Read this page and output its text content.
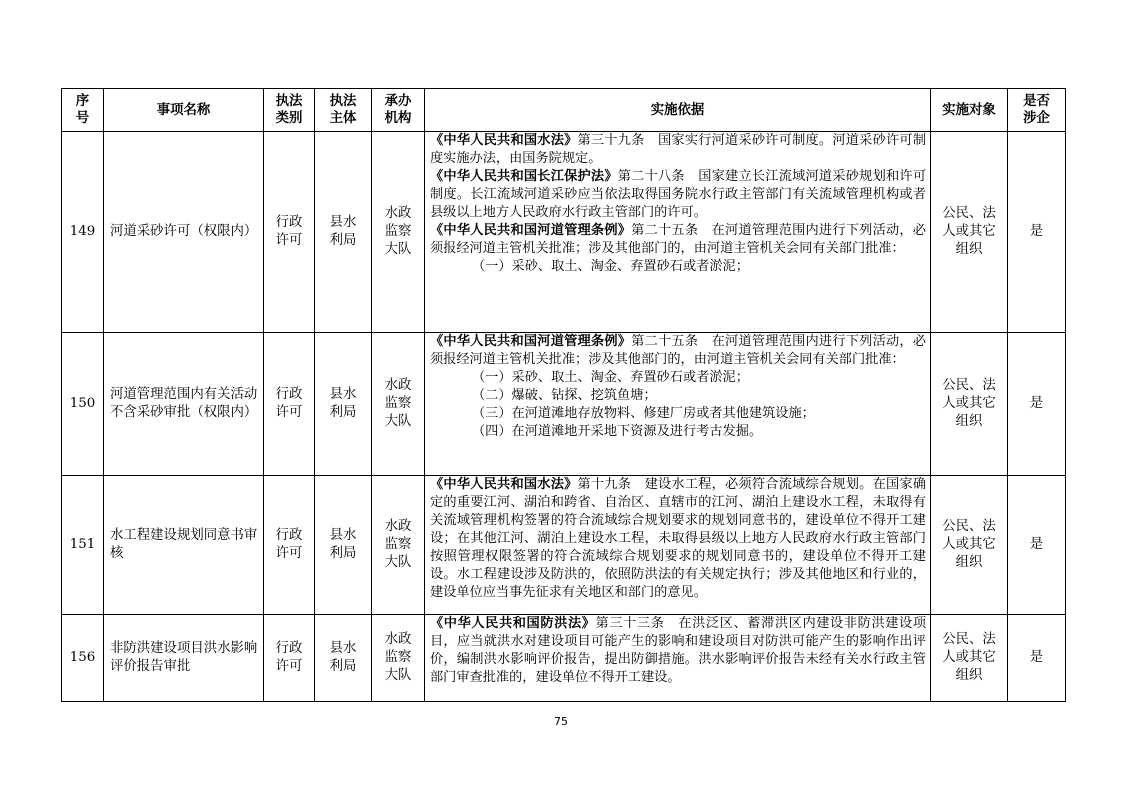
序号	事项名称	执法类别	执法主体	承办机构	实施依据	实施对象	是否涉企
149	河道采砂许可（权限内）	行政许可	县水利局	水政监察大队	《中华人民共和国水法》第三十九条　国家实行河道采砂许可制度。河道采砂许可制度实施办法，由国务院规定。
《中华人民共和国长江保护法》第二十八条　国家建立长江流域河道采砂规划和许可制度。长江流域河道采砂应当依法取得国务院水行政主管部门有关流域管理机构或者县级以上地方人民政府水行政主管部门的许可。
《中华人民共和国河道管理条例》第二十五条　在河道管理范围内进行下列活动，必须报经河道主管机关批准；涉及其他部门的，由河道主管机关会同有关部门批准：
（一）采砂、取土、淘金、弃置砂石或者淤泥；	公民、法人或其它组织	是
150	河道管理范围内有关活动不含采砂审批（权限内）	行政许可	县水利局	水政监察大队	《中华人民共和国河道管理条例》第二十五条　在河道管理范围内进行下列活动，必须报经河道主管机关批准；涉及其他部门的，由河道主管机关会同有关部门批准：
（一）采砂、取土、淘金、弃置砂石或者淤泥；
（二）爆破、钻探、挖筑鱼塘；
（三）在河道滩地存放物料、修建厂房或者其他建筑设施；
（四）在河道滩地开采地下资源及进行考古发掘。	公民、法人或其它组织	是
151	水工程建设规划同意书审核	行政许可	县水利局	水政监察大队	《中华人民共和国水法》第十九条　建设水工程，必须符合流域综合规划。在国家确定的重要江河、湖泊和跨省、自治区、直辖市的江河、湖泊上建设水工程，未取得有关流域管理机构签署的符合流域综合规划要求的规划同意书的，建设单位不得开工建设；在其他江河、湖泊上建设水工程，未取得县级以上地方人民政府水行政主管部门按照管理权限签署的符合流域综合规划要求的规划同意书的，建设单位不得开工建设。水工程建设涉及防洪的，依照防洪法的有关规定执行；涉及其他地区和行业的，建设单位应当事先征求有关地区和部门的意见。	公民、法人或其它组织	是
156	非防洪建设项目洪水影响评价报告审批	行政许可	县水利局	水政监察大队	《中华人民共和国防洪法》第三十三条　在洪泛区、蓄滞洪区内建设非防洪建设项目，应当就洪水对建设项目可能产生的影响和建设项目对防洪可能产生的影响作出评价，编制洪水影响评价报告，提出防御措施。洪水影响评价报告未经有关水行政主管部门审查批准的，建设单位不得开工建设。	公民、法人或其它组织	是
75
